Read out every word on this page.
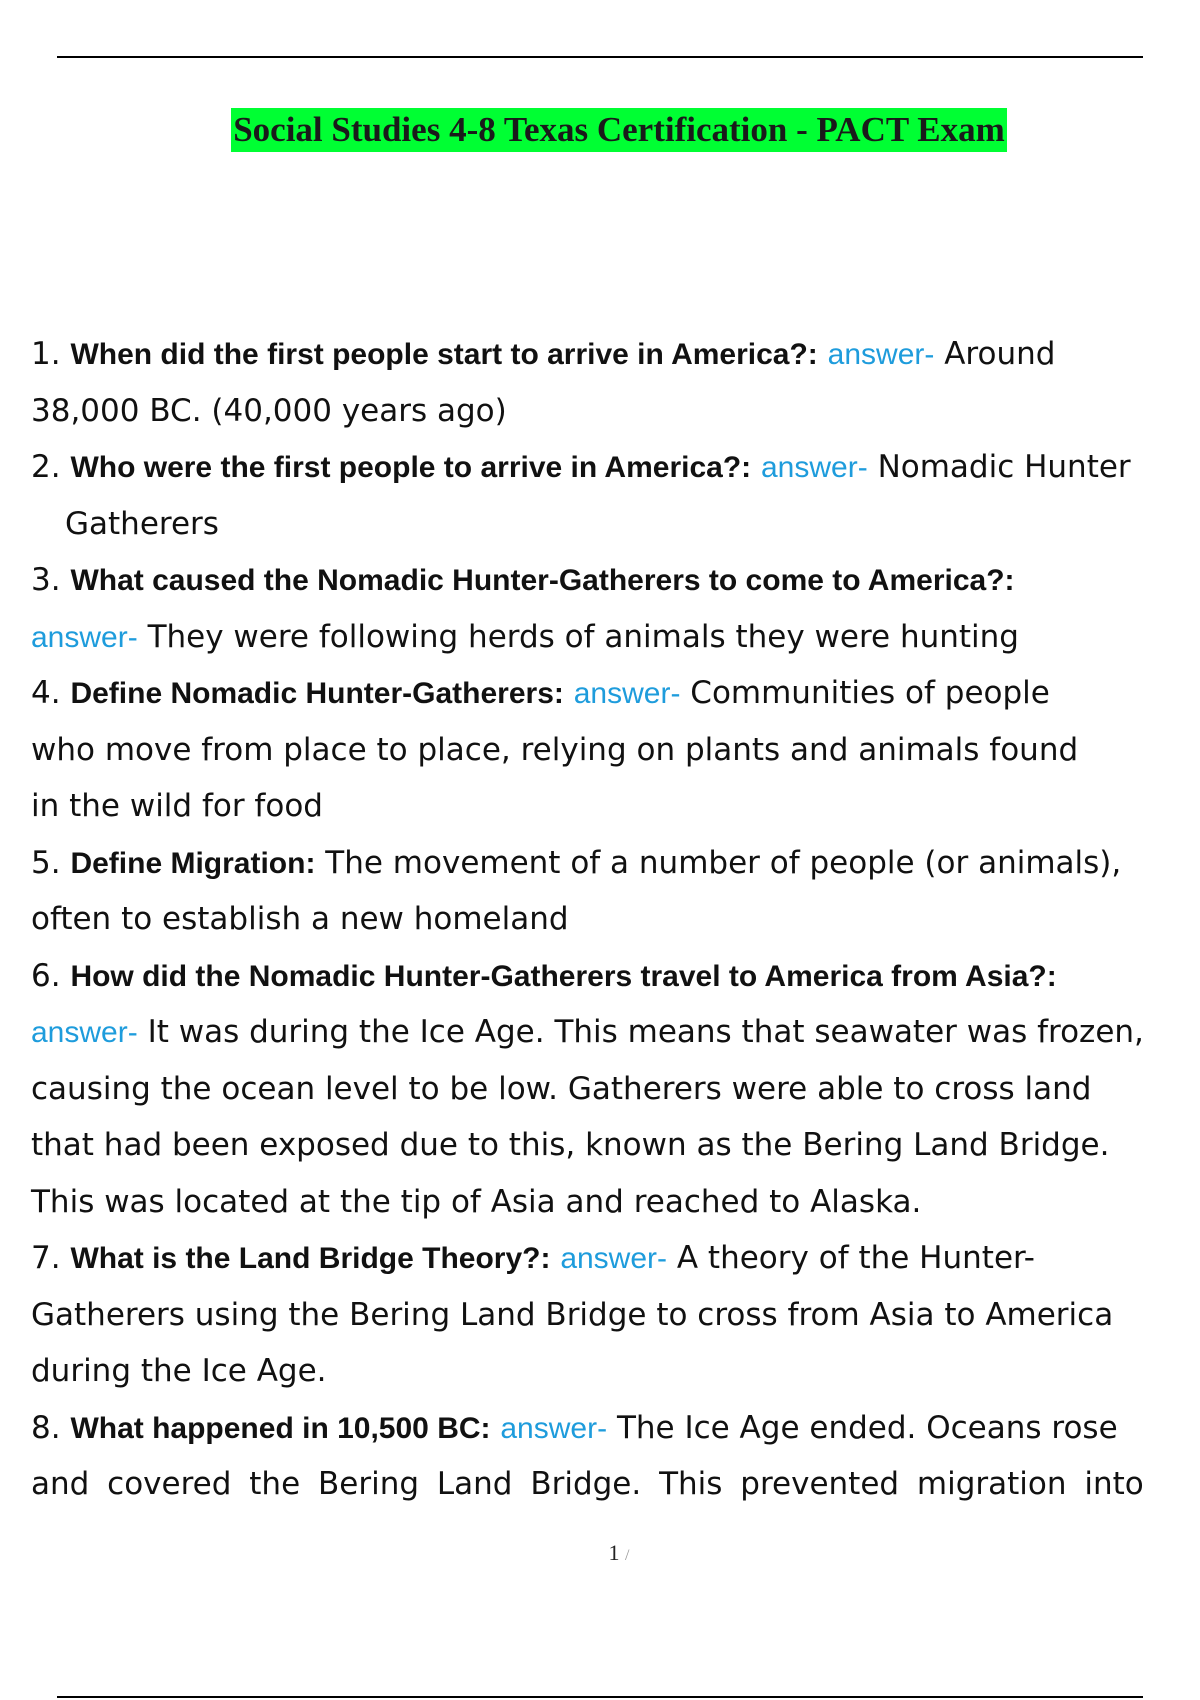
Social Studies 4-8 Texas Certification - PACT Exam
1. When did the first people start to arrive in America?: answer- Around
38,000 BC. (40,000 years ago)
2. Who were the first people to arrive in America?: answer- Nomadic Hunter
Gatherers
3. What caused the Nomadic Hunter-Gatherers to come to America?:
answer- They were following herds of animals they were hunting
4. Define Nomadic Hunter-Gatherers: answer- Communities of people
who move from place to place, relying on plants and animals found
in the wild for food
5. Define Migration: The movement of a number of people (or animals),
often to establish a new homeland
6. How did the Nomadic Hunter-Gatherers travel to America from Asia?:
answer- It was during the Ice Age. This means that seawater was frozen,
causing the ocean level to be low. Gatherers were able to cross land
that had been exposed due to this, known as the Bering Land Bridge.
This was located at the tip of Asia and reached to Alaska.
7. What is the Land Bridge Theory?: answer- A theory of the Hunter-
Gatherers using the Bering Land Bridge to cross from Asia to America
during the Ice Age.
8. What happened in 10,500 BC: answer- The Ice Age ended. Oceans rose
and covered the Bering Land Bridge. This prevented migration into
1 /
